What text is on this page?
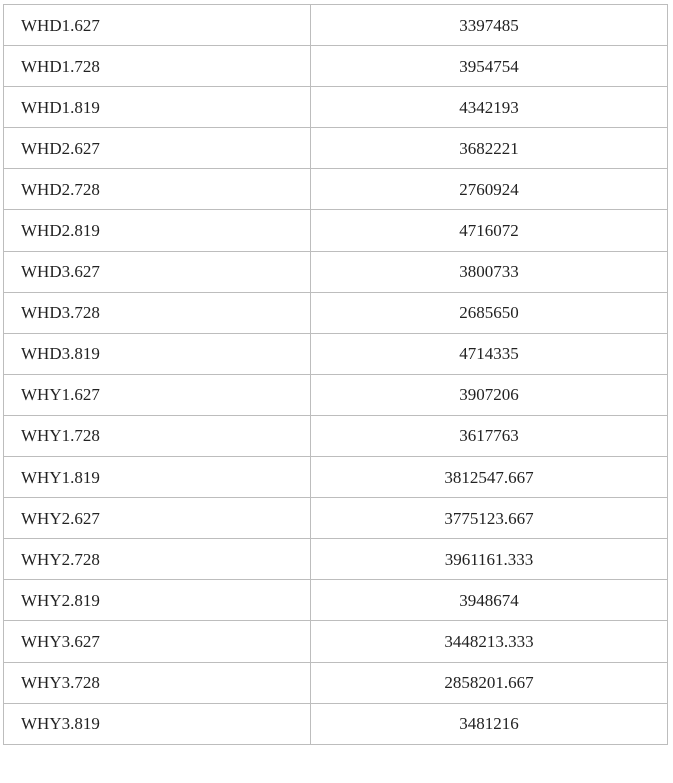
WHD1.627	3397485
WHD1.728	3954754
WHD1.819	4342193
WHD2.627	3682221
WHD2.728	2760924
WHD2.819	4716072
WHD3.627	3800733
WHD3.728	2685650
WHD3.819	4714335
WHY1.627	3907206
WHY1.728	3617763
WHY1.819	3812547.667
WHY2.627	3775123.667
WHY2.728	3961161.333
WHY2.819	3948674
WHY3.627	3448213.333
WHY3.728	2858201.667
WHY3.819	3481216
